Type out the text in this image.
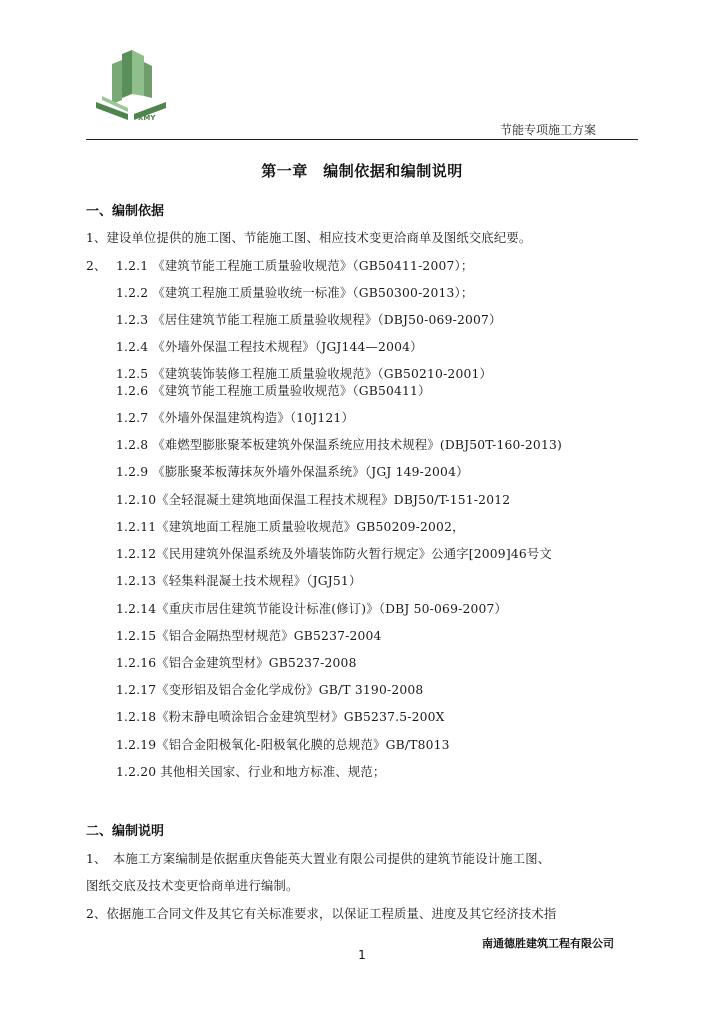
XMY
节能专项施工方案
第一章　编制依据和编制说明
一、编制依据
1、建设单位提供的施工图、节能施工图、相应技术变更洽商单及图纸交底纪要。
2、 1.2.1 《建筑节能工程施工质量验收规范》（GB50411-2007）；
1.2.2 《建筑工程施工质量验收统一标准》（GB50300-2013）；
1.2.3 《居住建筑节能工程施工质量验收规程》（DBJ50-069-2007）
1.2.4 《外墙外保温工程技术规程》（JGJ144—2004）
1.2.5 《建筑装饰装修工程施工质量验收规范》（GB50210-2001）
1.2.6 《建筑节能工程施工质量验收规范》（GB50411）
1.2.7 《外墙外保温建筑构造》（10J121）
1.2.8 《难燃型膨胀聚苯板建筑外保温系统应用技术规程》(DBJ50T-160-2013)
1.2.9 《膨胀聚苯板薄抹灰外墙外保温系统》（JGJ 149-2004）
1.2.10《全轻混凝土建筑地面保温工程技术规程》DBJ50/T-151-2012
1.2.11《建筑地面工程施工质量验收规范》GB50209-2002，
1.2.12《民用建筑外保温系统及外墙装饰防火暂行规定》公通字[2009]46号文
1.2.13《轻集料混凝土技术规程》（JGJ51）
1.2.14《重庆市居住建筑节能设计标准(修订)》（DBJ 50-069-2007）
1.2.15《铝合金隔热型材规范》GB5237-2004
1.2.16《铝合金建筑型材》GB5237-2008
1.2.17《变形铝及铝合金化学成份》GB/T 3190-2008
1.2.18《粉末静电喷涂铝合金建筑型材》GB5237.5-200X
1.2.19《铝合金阳极氧化-阳极氧化膜的总规范》GB/T8013
1.2.20 其他相关国家、行业和地方标准、规范；
二、编制说明
1、　本施工方案编制是依据重庆鲁能英大置业有限公司提供的建筑节能设计施工图、
图纸交底及技术变更恰商单进行编制。
2、依据施工合同文件及其它有关标准要求，以保证工程质量、进度及其它经济技术指
南通德胜建筑工程有限公司
1
